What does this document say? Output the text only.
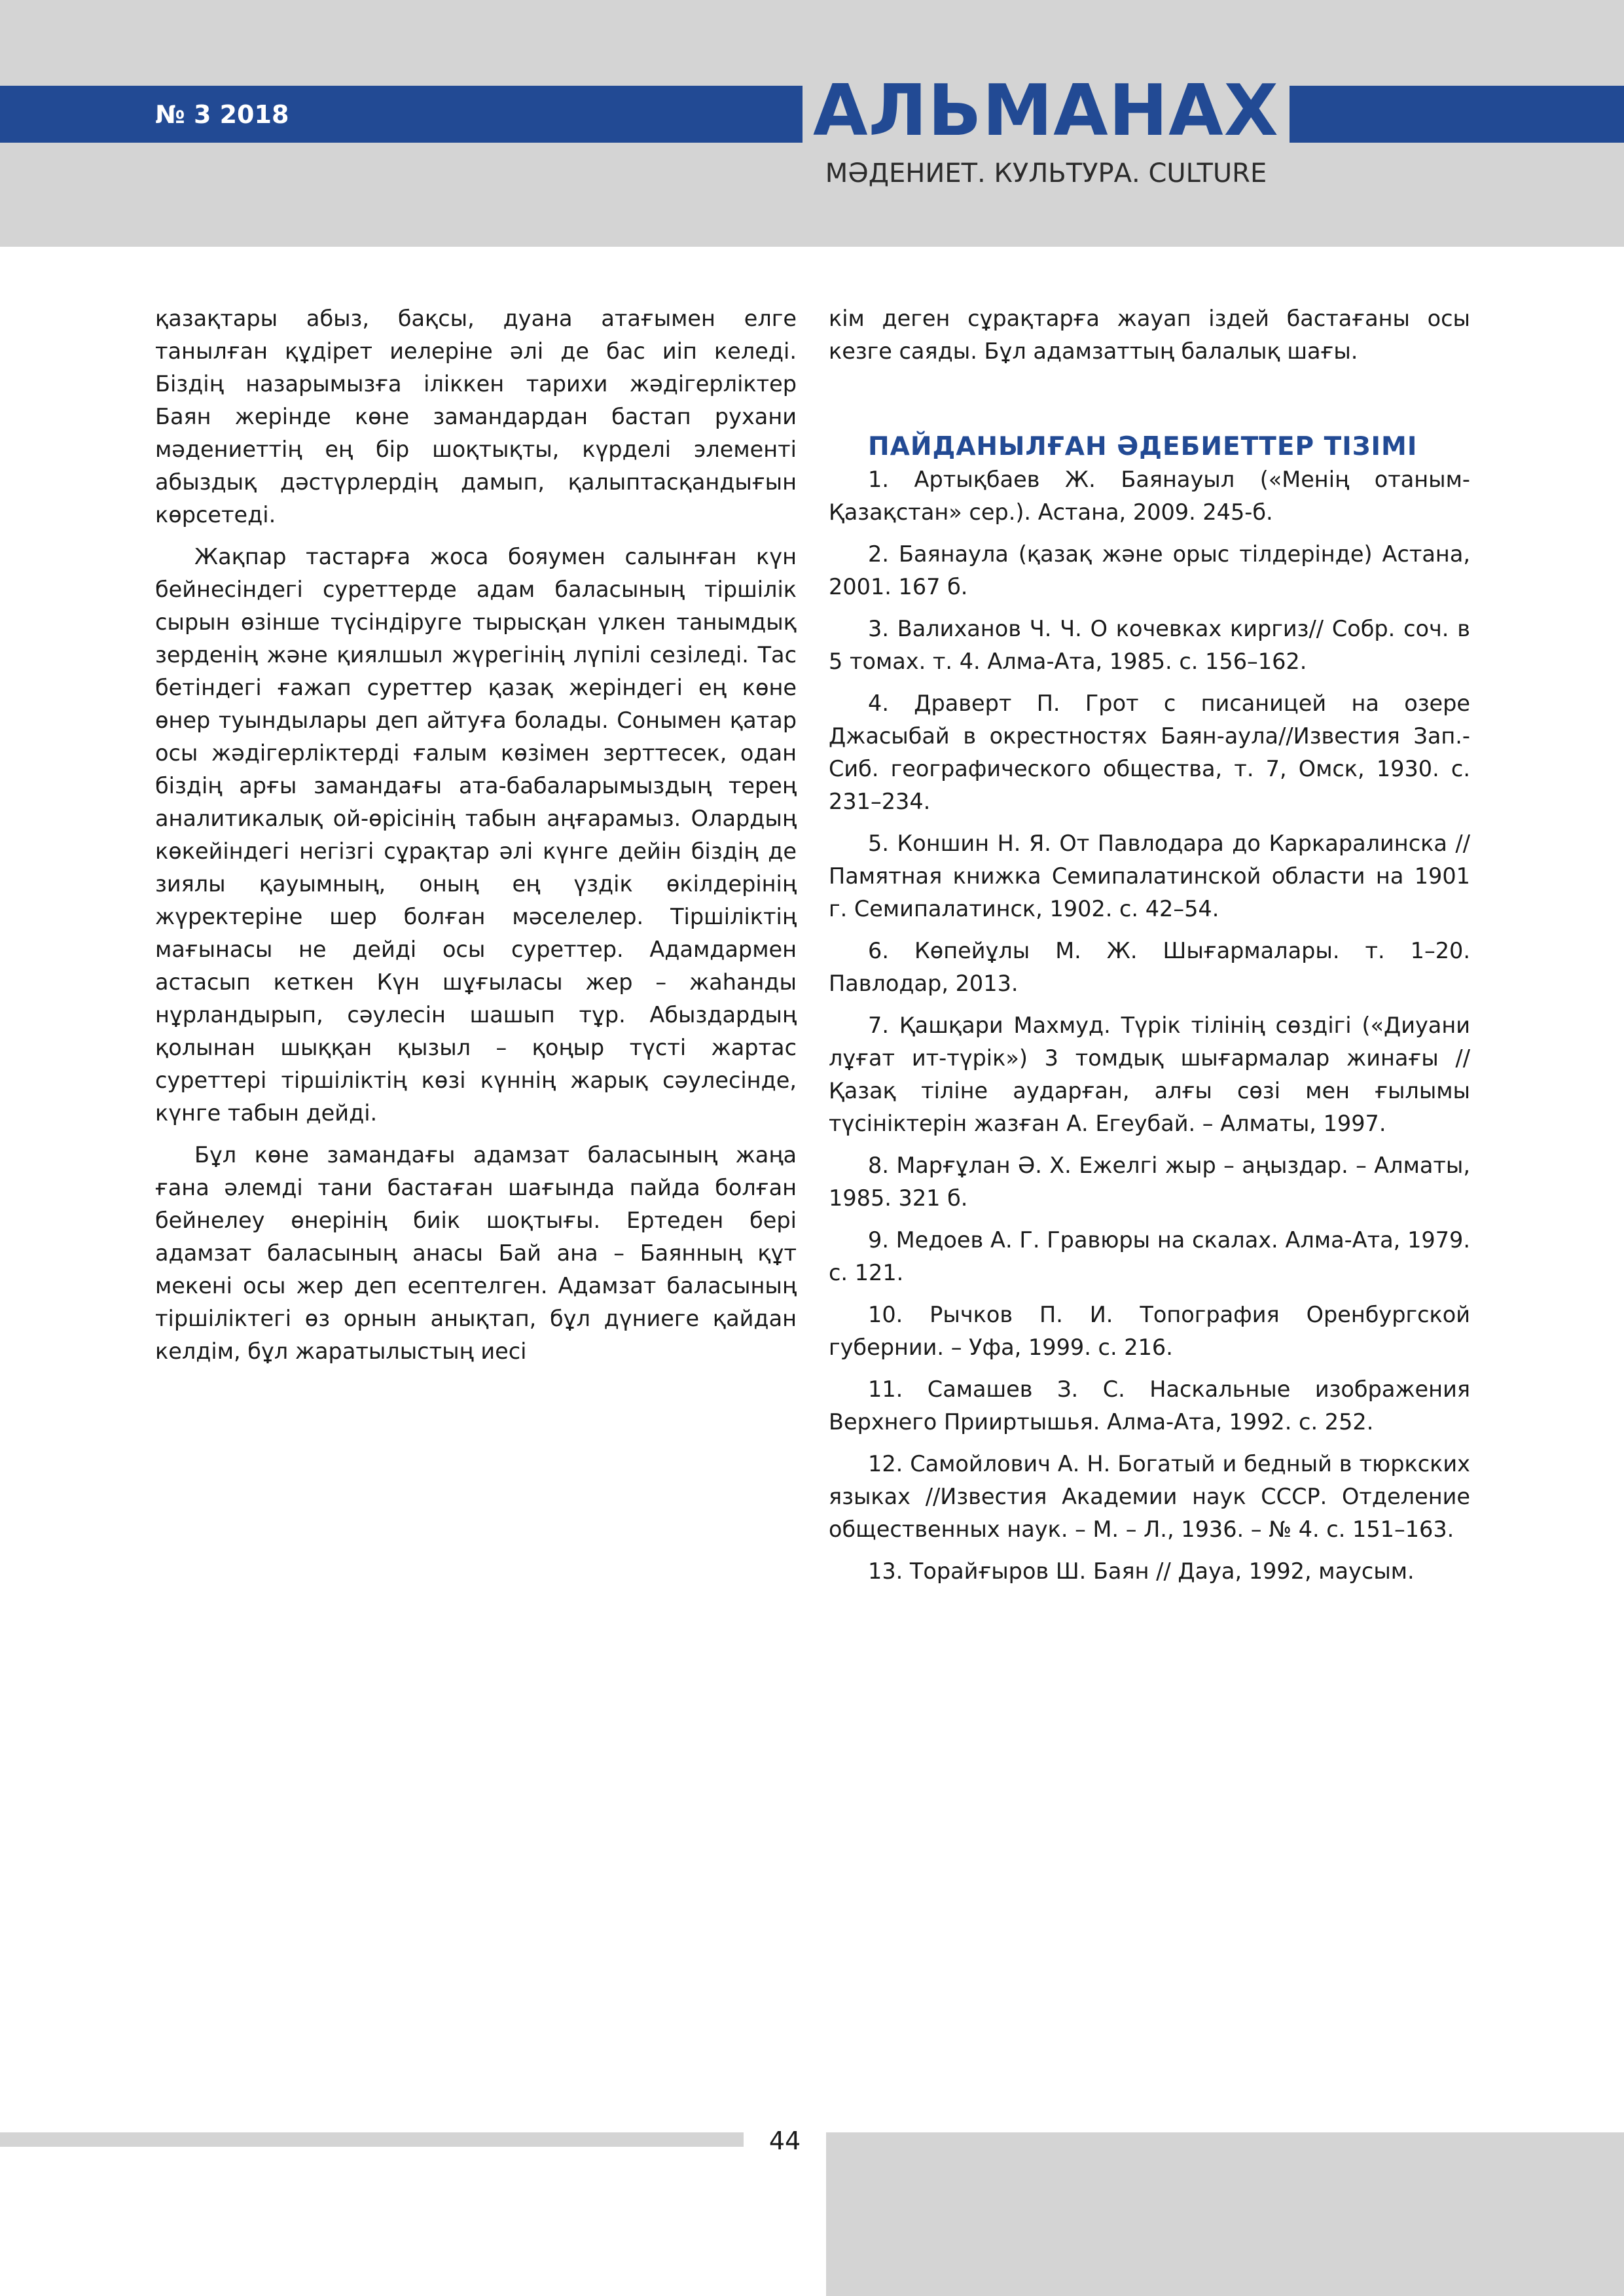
№ 3 2018	АЛЬМАНАХ
МӘДЕНИЕТ. КУЛЬТУРА. CULTURE

қазақтары абыз, бақсы, дуана атағымен елге танылған құдірет иелеріне әлі де бас иіп келеді. Біздің назарымызға іліккен тарихи жәдігерліктер Баян жерінде көне замандардан бастап рухани мәдениеттің ең бір шоқтықты, күрделі элементі абыздық дәстүрлердің дамып, қалыптасқандығын көрсетеді.

Жақпар тастарға жоса бояумен салынған күн бейнесіндегі суреттерде адам баласының тіршілік сырын өзінше түсіндіруге тырысқан үлкен танымдық зерденің және қиялшыл жүрегінің лүпілі сезіледі. Тас бетіндегі ғажап суреттер қазақ жеріндегі ең көне өнер туындылары деп айтуға болады. Сонымен қатар осы жәдігерліктерді ғалым көзімен зерттесек, одан біздің арғы замандағы ата-бабаларымыздың терең аналитикалық ой-өрісінің табын аңғарамыз. Олардың көкейіндегі негізгі сұрақтар әлі күнге дейін біздің де зиялы қауымның, оның ең үздік өкілдерінің жүректеріне шер болған мәселелер. Тіршіліктің мағынасы не дейді осы суреттер. Адамдармен астасып кеткен Күн шұғыласы жер – жаһанды нұрландырып, сәулесін шашып тұр. Абыздардың қолынан шыққан қызыл – қоңыр түсті жартас суреттері тіршіліктің көзі күннің жарық сәулесінде, күнге табын дейді.

Бұл көне замандағы адамзат баласының жаңа ғана әлемді тани бастаған шағында пайда болған бейнелеу өнерінің биік шоқтығы. Ертеден бері адамзат баласының анасы Бай ана – Баянның құт мекені осы жер деп есептелген. Адамзат баласының тіршіліктегі өз орнын анықтап, бұл дүниеге қайдан келдім, бұл жаратылыстың иесі

кім деген сұрақтарға жауап іздей бастағаны осы кезге саяды. Бұл адамзаттың балалық шағы.

ПАЙДАНЫЛҒАН ӘДЕБИЕТТЕР ТІЗІМІ

1. Артықбаев Ж. Баянауыл («Менің отаным-Қазақстан» сер.). Астана, 2009. 245-б.

2. Баянаула (қазақ және орыс тілдерінде) Астана, 2001. 167 б.

3. Валиханов Ч. Ч. О кочевках киргиз// Собр. соч. в 5 томах. т. 4. Алма-Ата, 1985. с. 156–162.

4. Драверт П. Грот с писаницей на озере Джасыбай в окрестностях Баян-аула//Известия Зап.-Сиб. географического общества, т. 7, Омск, 1930. с. 231–234.

5. Коншин Н. Я. От Павлодара до Каркаралинска // Памятная книжка Семипалатинской области на 1901 г. Семипалатинск, 1902. с. 42–54.

6. Көпейұлы М. Ж. Шығармалары. т. 1–20. Павлодар, 2013.

7. Қашқари Махмуд. Түрік тілінің сөздігі («Диуани лұғат ит-түрік») 3 томдық шығармалар жинағы // Қазақ тіліне аударған, алғы сөзі мен ғылымы түсініктерін жазған А. Егеубай. – Алматы, 1997.

8. Марғұлан Ә. Х. Ежелгі жыр – аңыздар. – Алматы, 1985. 321 б.

9. Медоев А. Г. Гравюры на скалах. Алма-Ата, 1979. с. 121.

10. Рычков П. И. Топография Оренбургской губернии. – Уфа, 1999. с. 216.

11. Самашев З. С. Наскальные изображения Верхнего Прииртышья. Алма-Ата, 1992. с. 252.

12. Самойлович А. Н. Богатый и бедный в тюркских языках //Известия Академии наук СССР. Отделение общественных наук. – М. – Л., 1936. – № 4. с. 151–163.

13. Торайғыров Ш. Баян // Дауа, 1992, маусым.

44
